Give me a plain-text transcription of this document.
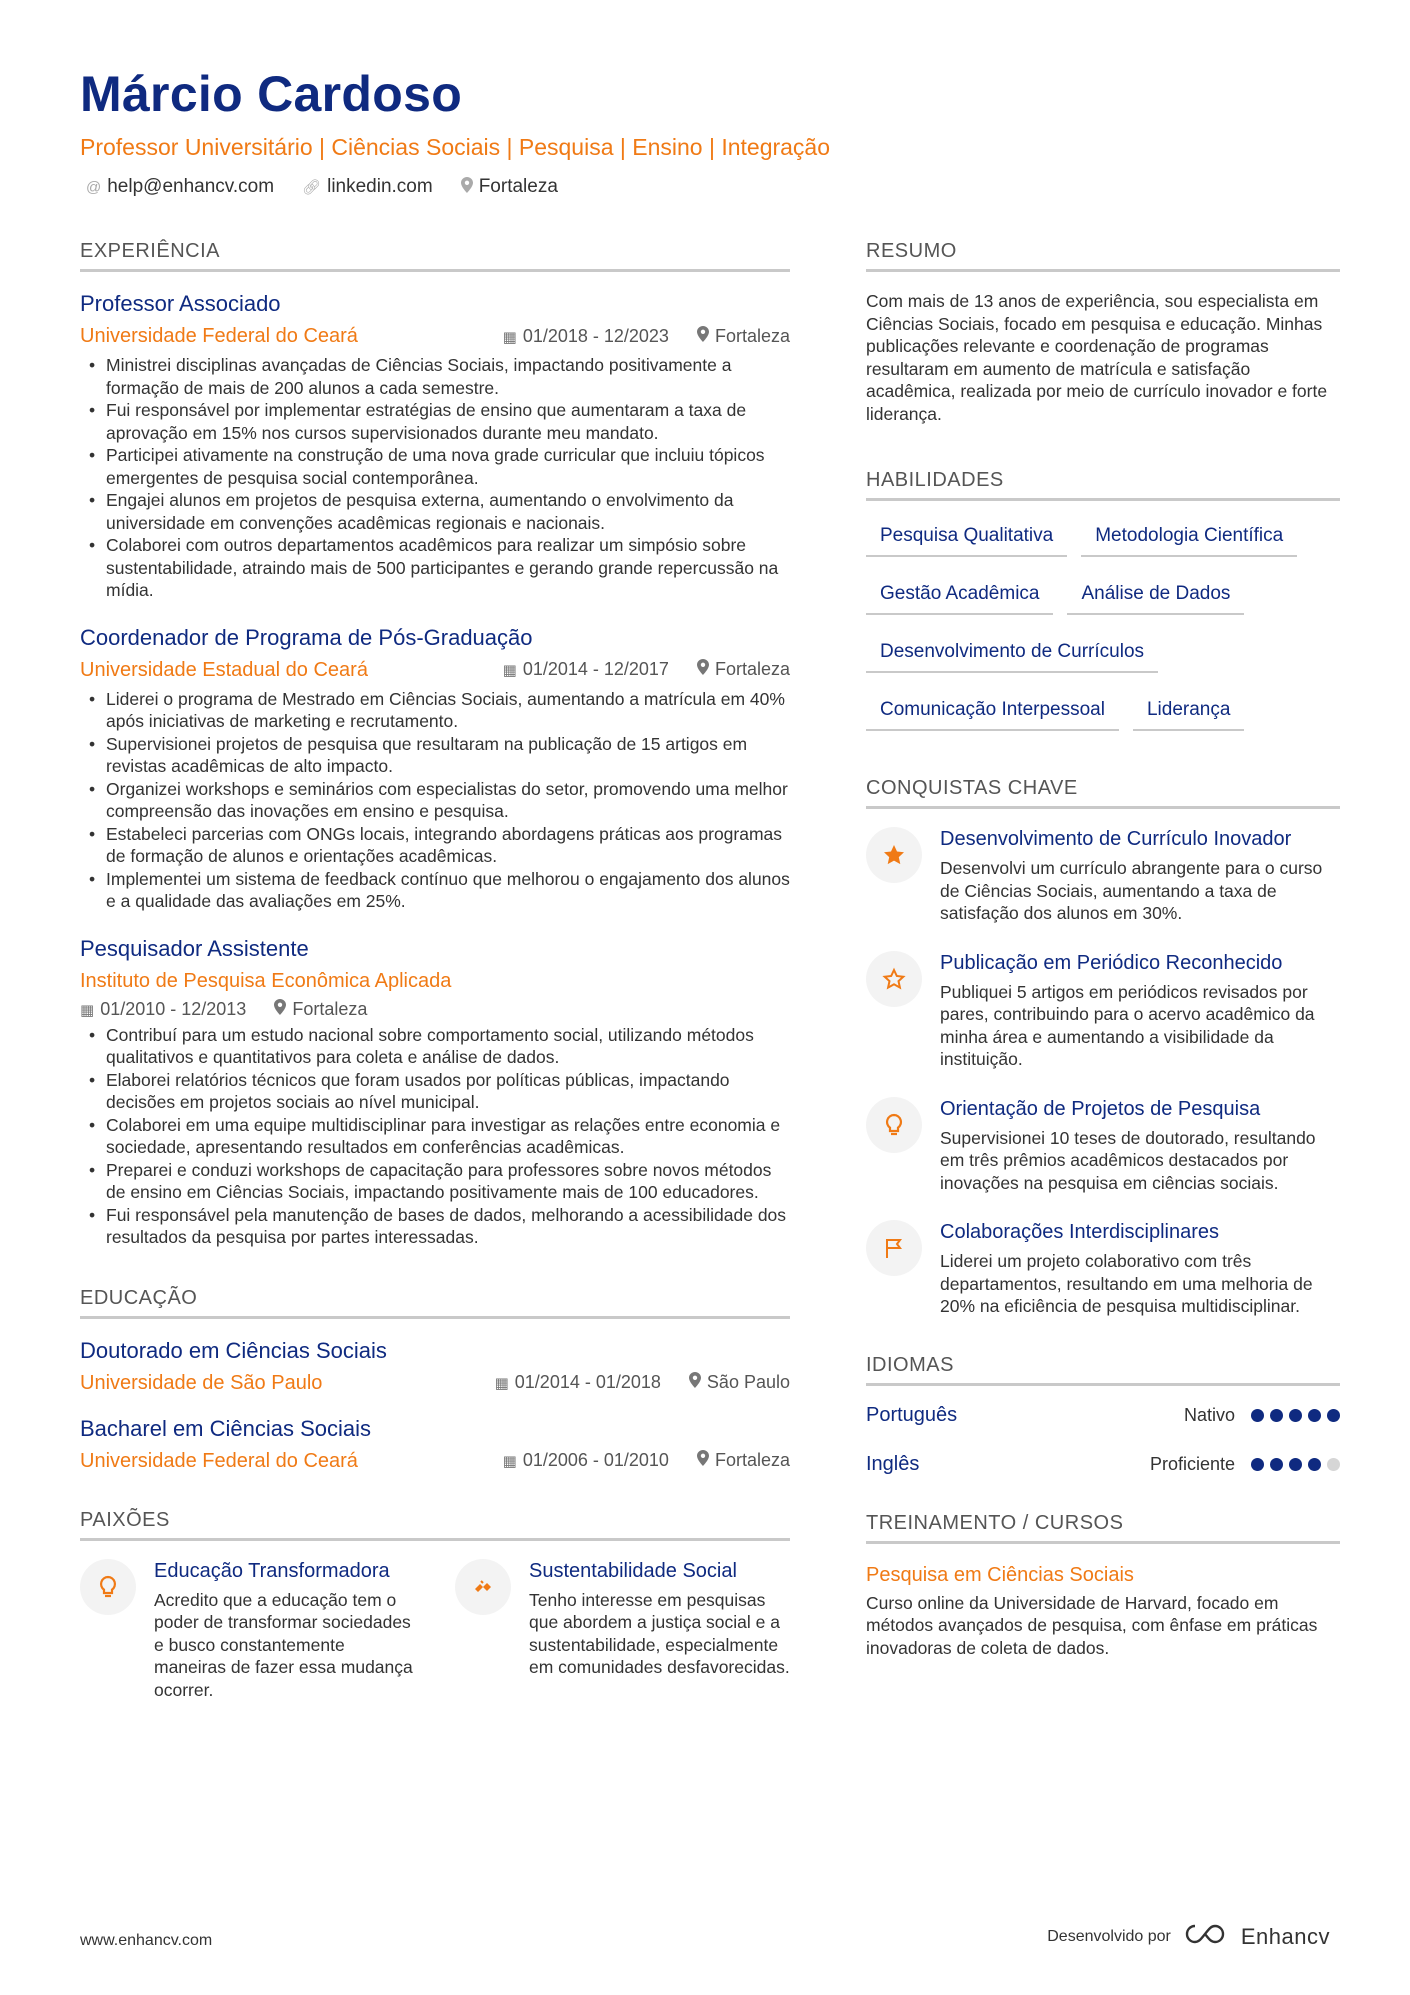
Márcio Cardoso
Professor Universitário | Ciências Sociais | Pesquisa | Ensino | Integração
@ help@enhancv.com 🔗︎ linkedin.com Fortaleza
EXPERIÊNCIA
Professor Associado
Universidade Federal do Ceará	▦ 01/2018 - 12/2023	Fortaleza
• Ministrei disciplinas avançadas de Ciências Sociais, impactando positivamente a formação de mais de 200 alunos a cada semestre.
• Fui responsável por implementar estratégias de ensino que aumentaram a taxa de aprovação em 15% nos cursos supervisionados durante meu mandato.
• Participei ativamente na construção de uma nova grade curricular que incluiu tópicos emergentes de pesquisa social contemporânea.
• Engajei alunos em projetos de pesquisa externa, aumentando o envolvimento da universidade em convenções acadêmicas regionais e nacionais.
• Colaborei com outros departamentos acadêmicos para realizar um simpósio sobre sustentabilidade, atraindo mais de 500 participantes e gerando grande repercussão na mídia.
Coordenador de Programa de Pós-Graduação
Universidade Estadual do Ceará	▦ 01/2014 - 12/2017	Fortaleza
• Liderei o programa de Mestrado em Ciências Sociais, aumentando a matrícula em 40% após iniciativas de marketing e recrutamento.
• Supervisionei projetos de pesquisa que resultaram na publicação de 15 artigos em revistas acadêmicas de alto impacto.
• Organizei workshops e seminários com especialistas do setor, promovendo uma melhor compreensão das inovações em ensino e pesquisa.
• Estabeleci parcerias com ONGs locais, integrando abordagens práticas aos programas de formação de alunos e orientações acadêmicas.
• Implementei um sistema de feedback contínuo que melhorou o engajamento dos alunos e a qualidade das avaliações em 25%.
Pesquisador Assistente
Instituto de Pesquisa Econômica Aplicada
▦ 01/2010 - 12/2013	Fortaleza
• Contribuí para um estudo nacional sobre comportamento social, utilizando métodos qualitativos e quantitativos para coleta e análise de dados.
• Elaborei relatórios técnicos que foram usados por políticas públicas, impactando decisões em projetos sociais ao nível municipal.
• Colaborei em uma equipe multidisciplinar para investigar as relações entre economia e sociedade, apresentando resultados em conferências acadêmicas.
• Preparei e conduzi workshops de capacitação para professores sobre novos métodos de ensino em Ciências Sociais, impactando positivamente mais de 100 educadores.
• Fui responsável pela manutenção de bases de dados, melhorando a acessibilidade dos resultados da pesquisa por partes interessadas.
EDUCAÇÃO
Doutorado em Ciências Sociais
Universidade de São Paulo	▦ 01/2014 - 01/2018	São Paulo
Bacharel em Ciências Sociais
Universidade Federal do Ceará	▦ 01/2006 - 01/2010	Fortaleza
PAIXÕES
Educação Transformadora
Acredito que a educação tem o poder de transformar sociedades e busco constantemente maneiras de fazer essa mudança ocorrer.
Sustentabilidade Social
Tenho interesse em pesquisas que abordem a justiça social e a sustentabilidade, especialmente em comunidades desfavorecidas.
RESUMO
Com mais de 13 anos de experiência, sou especialista em Ciências Sociais, focado em pesquisa e educação. Minhas publicações relevante e coordenação de programas resultaram em aumento de matrícula e satisfação acadêmica, realizada por meio de currículo inovador e forte liderança.
HABILIDADES
Pesquisa Qualitativa	Metodologia Científica
Gestão Acadêmica	Análise de Dados
Desenvolvimento de Currículos
Comunicação Interpessoal	Liderança
CONQUISTAS CHAVE
Desenvolvimento de Currículo Inovador
Desenvolvi um currículo abrangente para o curso de Ciências Sociais, aumentando a taxa de satisfação dos alunos em 30%.
Publicação em Periódico Reconhecido
Publiquei 5 artigos em periódicos revisados por pares, contribuindo para o acervo acadêmico da minha área e aumentando a visibilidade da instituição.
Orientação de Projetos de Pesquisa
Supervisionei 10 teses de doutorado, resultando em três prêmios acadêmicos destacados por inovações na pesquisa em ciências sociais.
Colaborações Interdisciplinares
Liderei um projeto colaborativo com três departamentos, resultando em uma melhoria de 20% na eficiência de pesquisa multidisciplinar.
IDIOMAS
Português	Nativo
Inglês	Proficiente
TREINAMENTO / CURSOS
Pesquisa em Ciências Sociais
Curso online da Universidade de Harvard, focado em métodos avançados de pesquisa, com ênfase em práticas inovadoras de coleta de dados.
www.enhancv.com	Desenvolvido por	Enhancv
